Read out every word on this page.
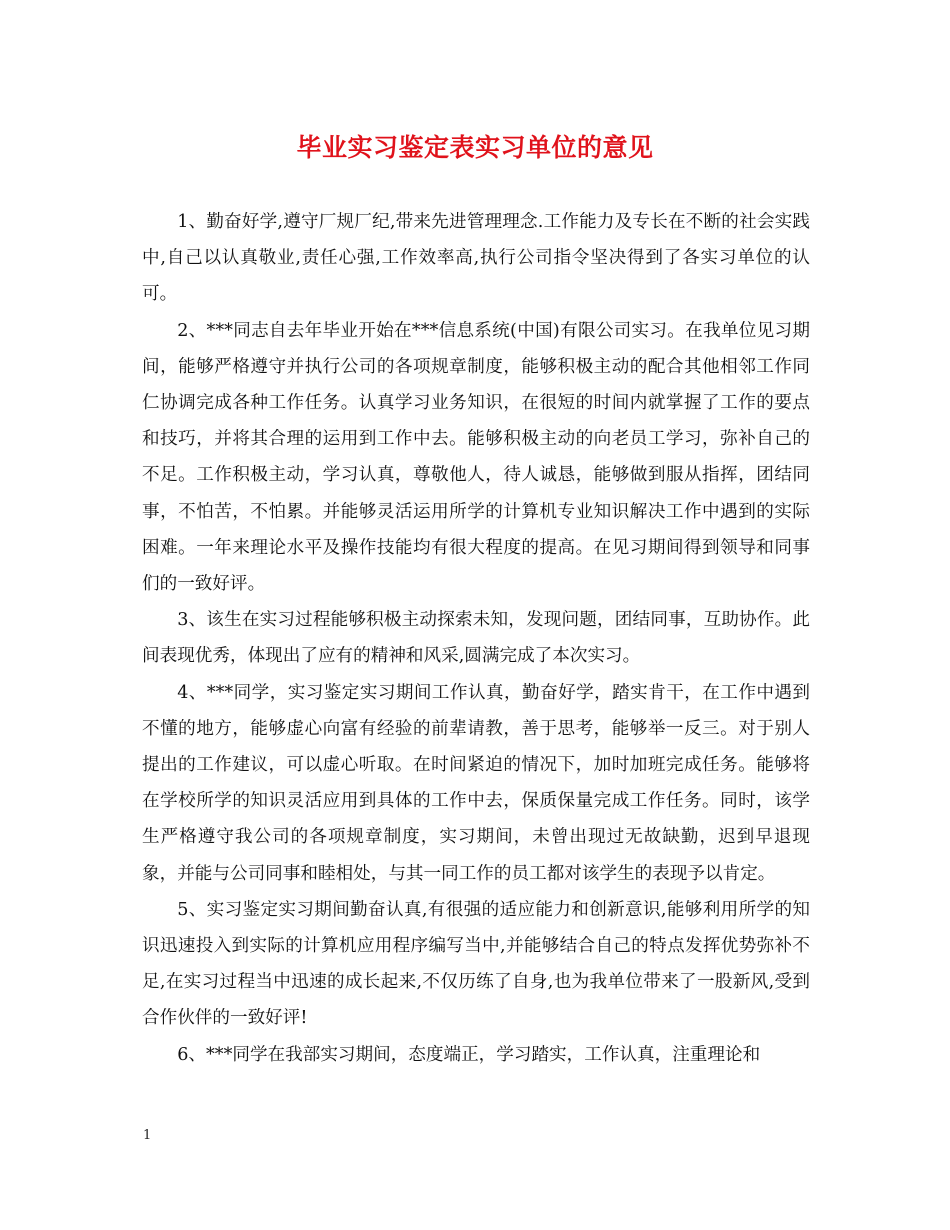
毕业实习鉴定表实习单位的意见

1、勤奋好学,遵守厂规厂纪,带来先进管理理念.工作能力及专长在不断的社会实践中,自己以认真敬业,责任心强,工作效率高,执行公司指令坚决得到了各实习单位的认可。

2、***同志自去年毕业开始在***信息系统(中国)有限公司实习。在我单位见习期间，能够严格遵守并执行公司的各项规章制度，能够积极主动的配合其他相邻工作同仁协调完成各种工作任务。认真学习业务知识，在很短的时间内就掌握了工作的要点和技巧，并将其合理的运用到工作中去。能够积极主动的向老员工学习，弥补自己的不足。工作积极主动，学习认真，尊敬他人，待人诚恳，能够做到服从指挥，团结同事，不怕苦，不怕累。并能够灵活运用所学的计算机专业知识解决工作中遇到的实际困难。一年来理论水平及操作技能均有很大程度的提高。在见习期间得到领导和同事们的一致好评。

3、该生在实习过程能够积极主动探索未知，发现问题，团结同事，互助协作。此间表现优秀，体现出了应有的精神和风采,圆满完成了本次实习。

4、***同学，实习鉴定实习期间工作认真，勤奋好学，踏实肯干，在工作中遇到不懂的地方，能够虚心向富有经验的前辈请教，善于思考，能够举一反三。对于别人提出的工作建议，可以虚心听取。在时间紧迫的情况下，加时加班完成任务。能够将在学校所学的知识灵活应用到具体的工作中去，保质保量完成工作任务。同时，该学生严格遵守我公司的各项规章制度，实习期间，未曾出现过无故缺勤，迟到早退现象，并能与公司同事和睦相处，与其一同工作的员工都对该学生的表现予以肯定。

5、实习鉴定实习期间勤奋认真,有很强的适应能力和创新意识,能够利用所学的知识迅速投入到实际的计算机应用程序编写当中,并能够结合自己的特点发挥优势弥补不足,在实习过程当中迅速的成长起来,不仅历练了自身,也为我单位带来了一股新风,受到合作伙伴的一致好评!

6、***同学在我部实习期间，态度端正，学习踏实，工作认真，注重理论和

1
